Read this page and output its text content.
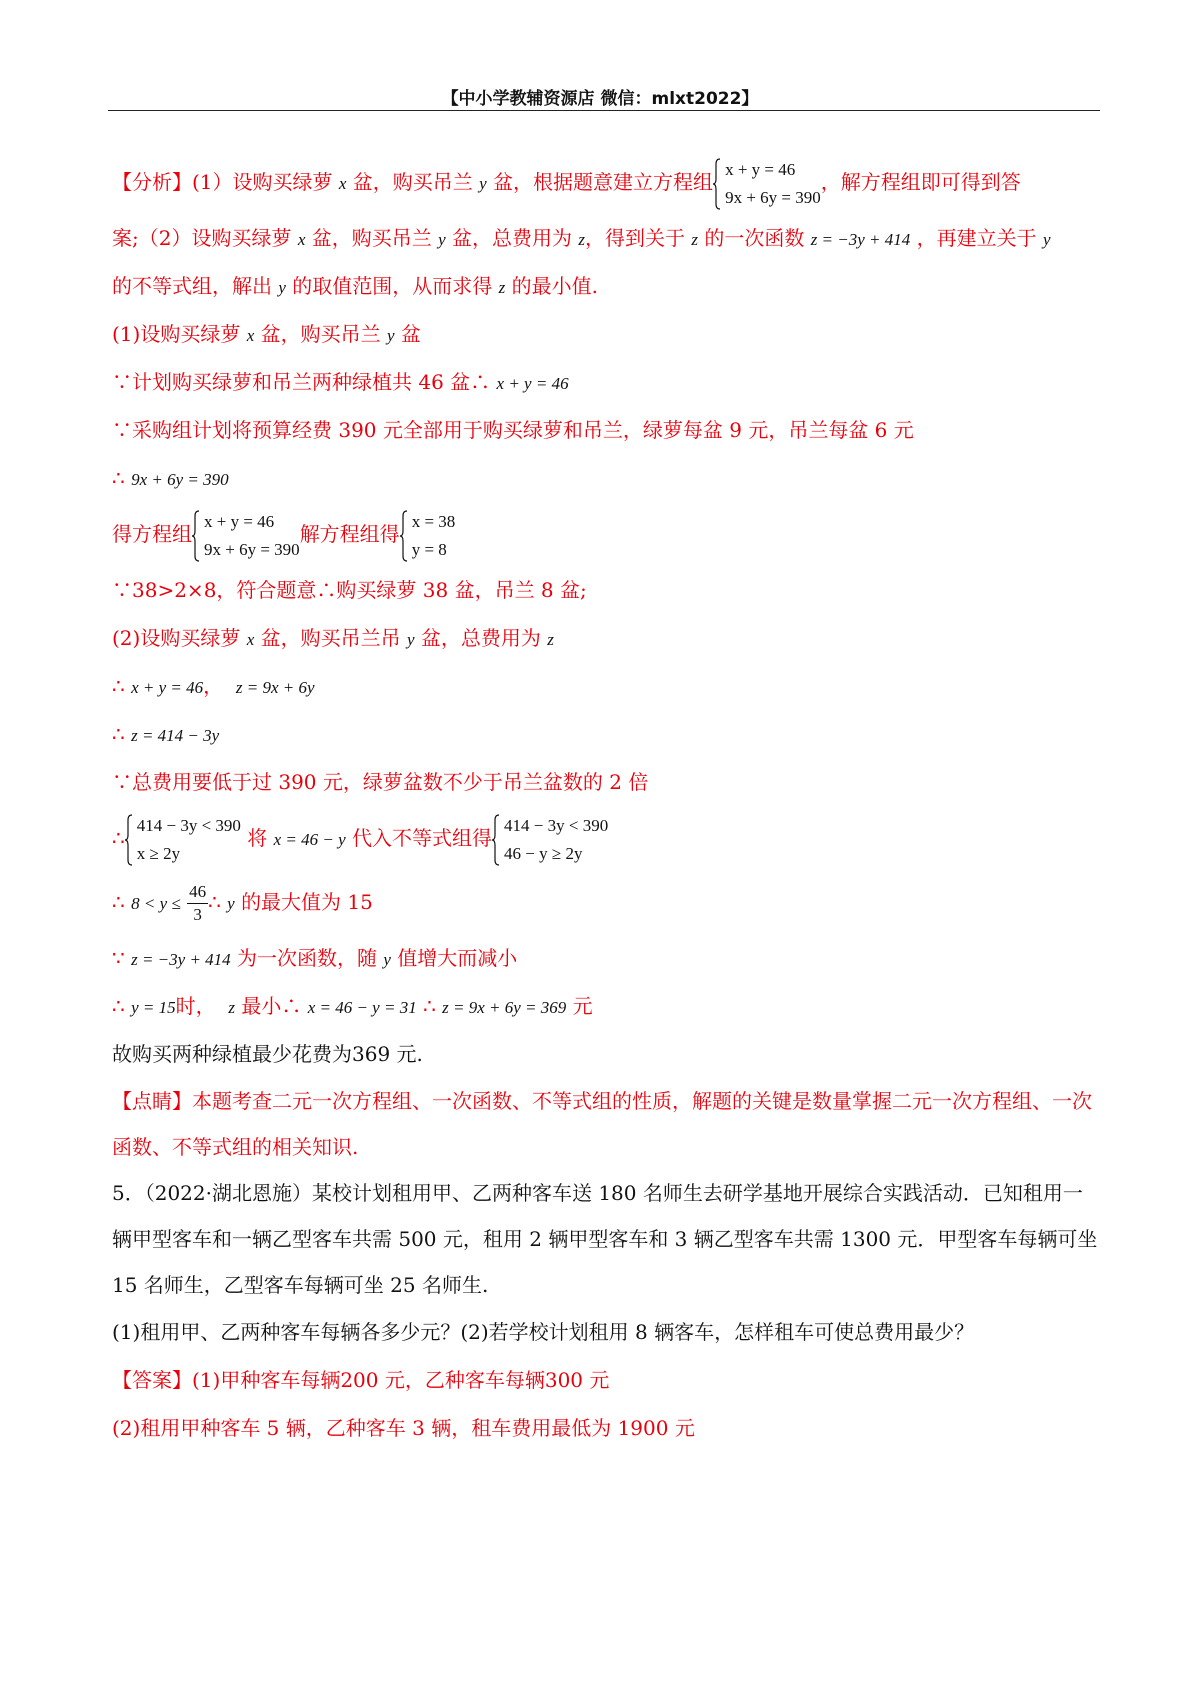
【中小学教辅资源店 微信：mlxt2022】
【分析】(1）设购买绿萝 x 盆，购买吊兰 y 盆，根据题意建立方程组
x + y = 46
9x + 6y = 390
，解方程组即可得到答
案;（2）设购买绿萝 x 盆，购买吊兰 y 盆，总费用为 z，得到关于 z 的一次函数 z = −3y + 414 ，再建立关于 y
的不等式组，解出 y 的取值范围，从而求得 z 的最小值.
(1)设购买绿萝 x 盆，购买吊兰 y 盆
∵计划购买绿萝和吊兰两种绿植共 46 盆∴ x + y = 46
∵采购组计划将预算经费 390 元全部用于购买绿萝和吊兰，绿萝每盆 9 元，吊兰每盆 6 元
∴ 9x + 6y = 390
得方程组
x + y = 46
9x + 6y = 390
解方程组得
x = 38
y = 8
∵38>2×8，符合题意∴购买绿萝 38 盆，吊兰 8 盆;
(2)设购买绿萝 x 盆，购买吊兰吊 y 盆，总费用为 z
∴ x + y = 46， z = 9x + 6y
∴ z = 414 − 3y
∵总费用要低于过 390 元，绿萝盆数不少于吊兰盆数的 2 倍
∴
414 − 3y < 390
x ≥ 2y
将 x = 46 − y 代入不等式组得
414 − 3y < 390
46 − y ≥ 2y
∴ $8 < y \le \frac{46}{3}$ ∴ y 的最大值为 15
∵ z = −3y + 414 为一次函数，随 y 值增大而减小
∴ y = 15时， z 最小∴ x = 46 − y = 31 ∴ z = 9x + 6y = 369 元
故购买两种绿植最少花费为369 元.
【点睛】本题考查二元一次方程组、一次函数、不等式组的性质，解题的关键是数量掌握二元一次方程组、一次函数、不等式组的相关知识.
5．（2022·湖北恩施）某校计划租用甲、乙两种客车送 180 名师生去研学基地开展综合实践活动．已知租用一辆甲型客车和一辆乙型客车共需 500 元，租用 2 辆甲型客车和 3 辆乙型客车共需 1300 元．甲型客车每辆可坐 15 名师生，乙型客车每辆可坐 25 名师生.
(1)租用甲、乙两种客车每辆各多少元？(2)若学校计划租用 8 辆客车，怎样租车可使总费用最少？
【答案】(1)甲种客车每辆200 元，乙种客车每辆300 元
(2)租用甲种客车 5 辆，乙种客车 3 辆，租车费用最低为 1900 元
